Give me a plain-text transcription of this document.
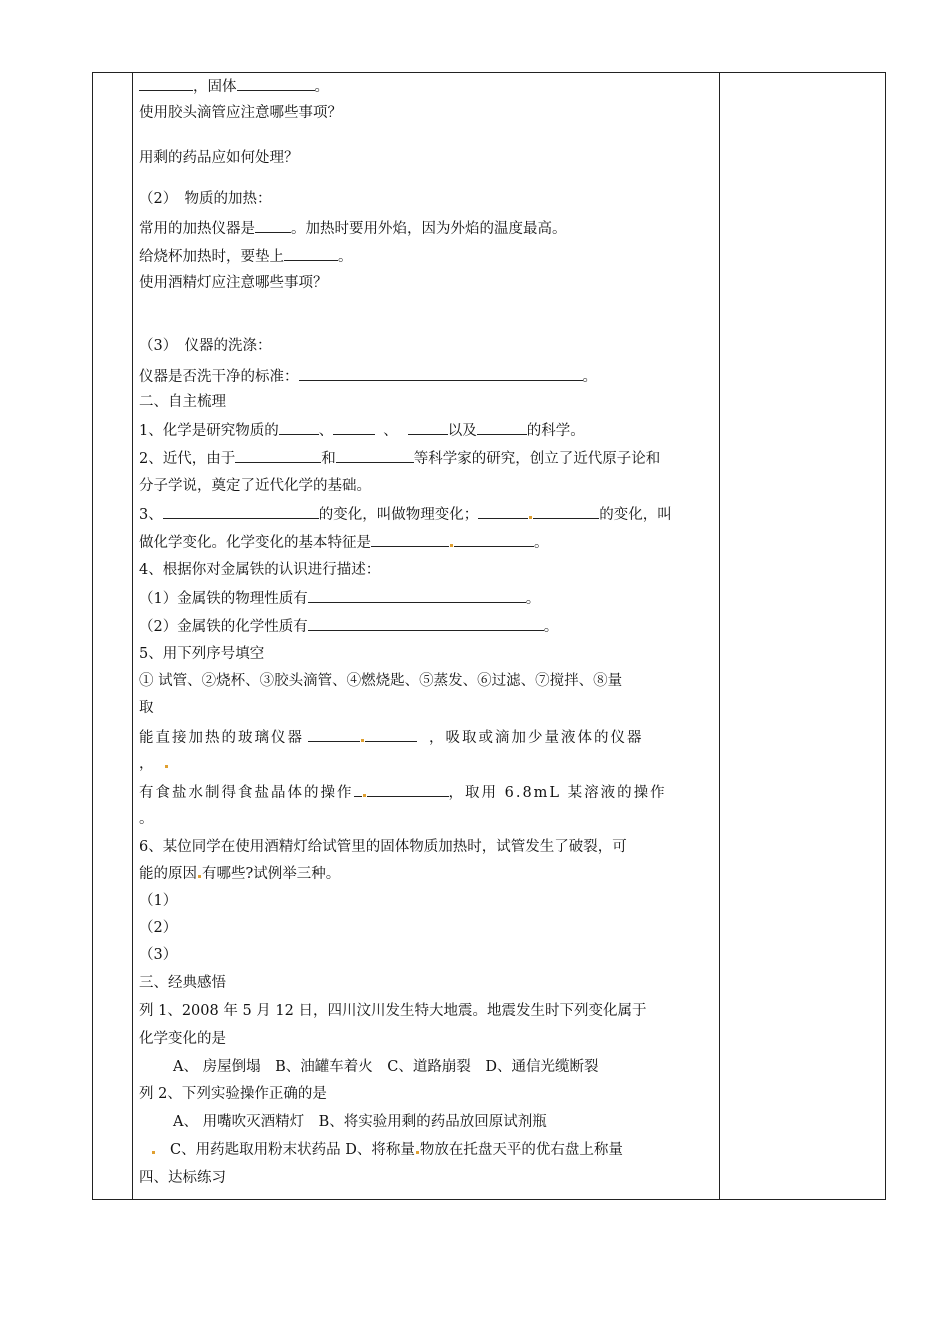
，固体	。
使用胶头滴管应注意哪些事项？
用剩的药品应如何处理？
（2）　物质的加热：
常用的加热仪器是 。加热时要用外焰，因为外焰的温度最高。
给烧杯加热时，要垫上	。
使用酒精灯应注意哪些事项？
（3）　仪器的洗涤：
仪器是否洗干净的标准：	。
二、自主梳理
1、化学是研究物质的	、	、	以及	的科学。
2、近代，由于	和	等科学家的研究，创立了近代原子论和
分子学说，奠定了近代化学的基础。
3、	的变化，叫做物理变化；	的变化，叫
做化学变化。化学变化的基本特征是	。
4、根据你对金属铁的认识进行描述：
（1）金属铁的物理性质有	。
（2）金属铁的化学性质有	。
5、用下列序号填空
① 试管、②烧杯、③胶头滴管、④燃烧匙、⑤蒸发、⑥过滤、⑦搅拌、⑧量
取
能直接加热的玻璃仪器	，吸取或滴加少量液体的仪器
，
有食盐水制得食盐晶体的操作	，取用 6.8mL 某溶液的操作
。
6、某位同学在使用酒精灯给试管里的固体物质加热时，试管发生了破裂，可
能的原因 有哪些?试例举三种。
（1）
（2）
（3）
三、经典感悟
列 1、2008 年 5 月 12 日，四川汶川发生特大地震。地震发生时下列变化属于
化学变化的是
A、 房屋倒塌　B、油罐车着火　C、道路崩裂　D、通信光缆断裂
列 2、下列实验操作正确的是
A、 用嘴吹灭酒精灯　B、将实验用剩的药品放回原试剂瓶
C、用药匙取用粉末状药品 D、将称量 物放在托盘天平的优右盘上称量
四、达标练习
